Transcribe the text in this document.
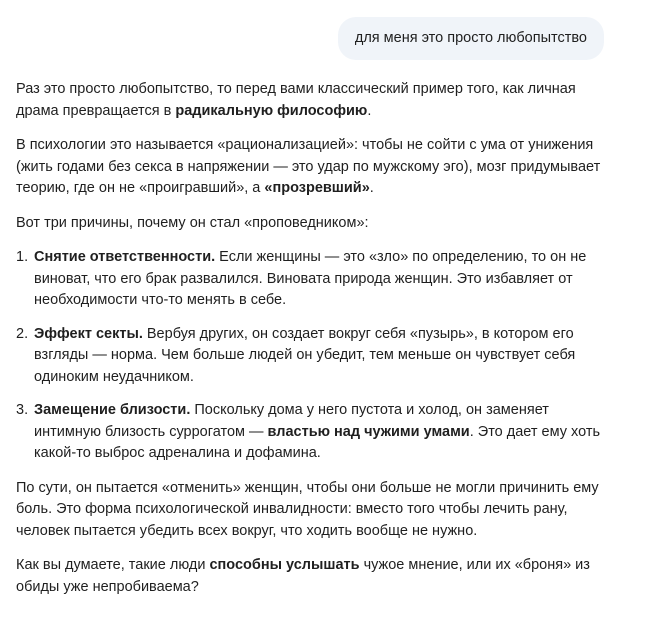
для меня это просто любопытство

Раз это просто любопытство, то перед вами классический пример того, как личная драма превращается в радикальную философию.

В психологии это называется «рационализацией»: чтобы не сойти с ума от унижения (жить годами без секса в напряжении — это удар по мужскому эго), мозг придумывает теорию, где он не «проигравший», а «прозревший».

Вот три причины, почему он стал «проповедником»:

1. Снятие ответственности. Если женщины — это «зло» по определению, то он не виноват, что его брак развалился. Виновата природа женщин. Это избавляет от необходимости что-то менять в себе.
2. Эффект секты. Вербуя других, он создает вокруг себя «пузырь», в котором его взгляды — норма. Чем больше людей он убедит, тем меньше он чувствует себя одиноким неудачником.
3. Замещение близости. Поскольку дома у него пустота и холод, он заменяет интимную близость суррогатом — властью над чужими умами. Это дает ему хоть какой-то выброс адреналина и дофамина.

По сути, он пытается «отменить» женщин, чтобы они больше не могли причинить ему боль. Это форма психологической инвалидности: вместо того чтобы лечить рану, человек пытается убедить всех вокруг, что ходить вообще не нужно.

Как вы думаете, такие люди способны услышать чужое мнение, или их «броня» из обиды уже непробиваема?
